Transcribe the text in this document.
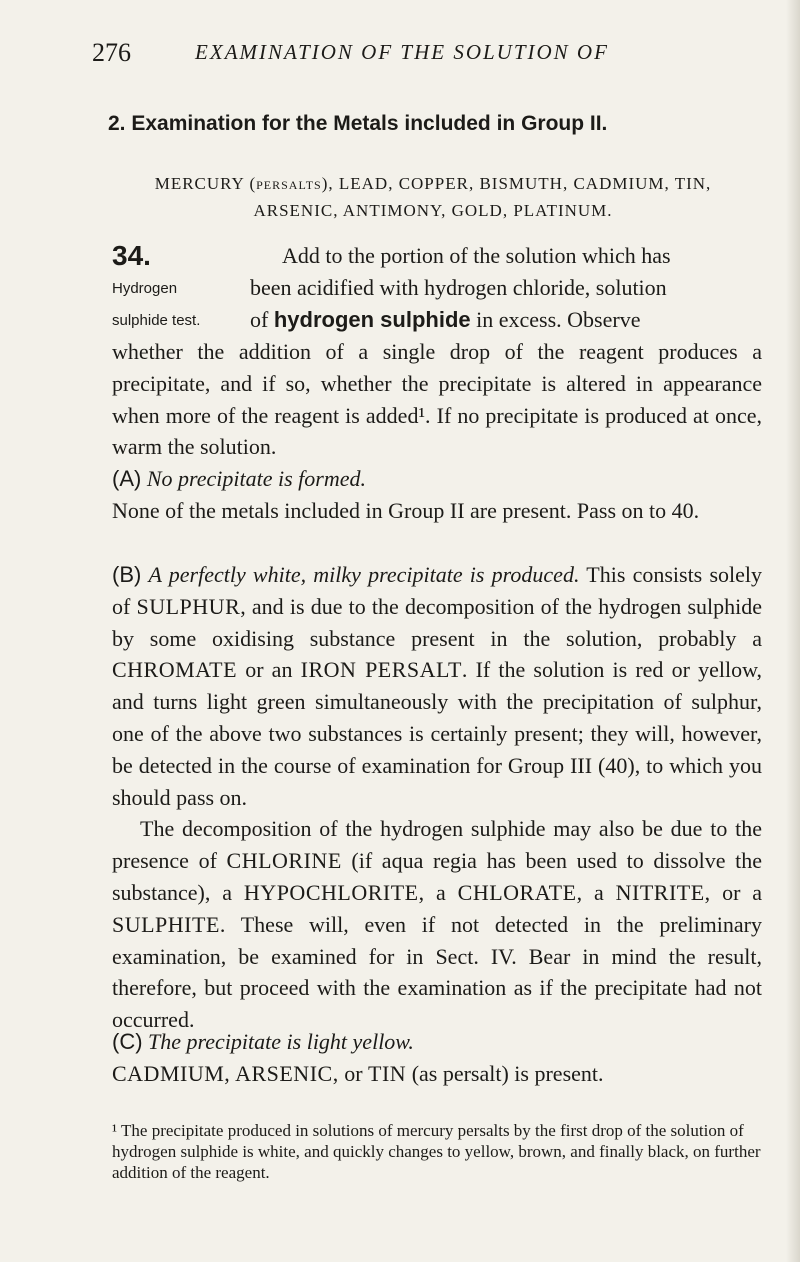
276	EXAMINATION OF THE SOLUTION OF
2. Examination for the Metals included in Group II.
MERCURY (persalts), LEAD, COPPER, BISMUTH, CADMIUM, TIN,
ARSENIC, ANTIMONY, GOLD, PLATINUM.
34.	Add to the portion of the solution which has
Hydrogen	been acidified with hydrogen chloride, solution
sulphide test. of hydrogen sulphide in excess. Observe
whether the addition of a single drop of the reagent produces a precipitate, and if so, whether the precipitate is altered in appearance when more of the reagent is added¹. If no precipitate is produced at once, warm the solution.
(A) No precipitate is formed.
None of the metals included in Group II are present. Pass on to 40.
(B) A perfectly white, milky precipitate is produced. This consists solely of SULPHUR, and is due to the decomposition of the hydrogen sulphide by some oxidising substance present in the solution, probably a CHROMATE or an IRON PERSALT. If the solution is red or yellow, and turns light green simultaneously with the precipitation of sulphur, one of the above two substances is certainly present; they will, however, be detected in the course of examination for Group III (40), to which you should pass on.
The decomposition of the hydrogen sulphide may also be due to the presence of CHLORINE (if aqua regia has been used to dissolve the substance), a HYPOCHLORITE, a CHLORATE, a NITRITE, or a SULPHITE. These will, even if not detected in the preliminary examination, be examined for in Sect. IV. Bear in mind the result, therefore, but proceed with the examination as if the precipitate had not occurred.
(C) The precipitate is light yellow.
CADMIUM, ARSENIC, or TIN (as persalt) is present.
¹ The precipitate produced in solutions of mercury persalts by the first drop of the solution of hydrogen sulphide is white, and quickly changes to yellow, brown, and finally black, on further addition of the reagent.
